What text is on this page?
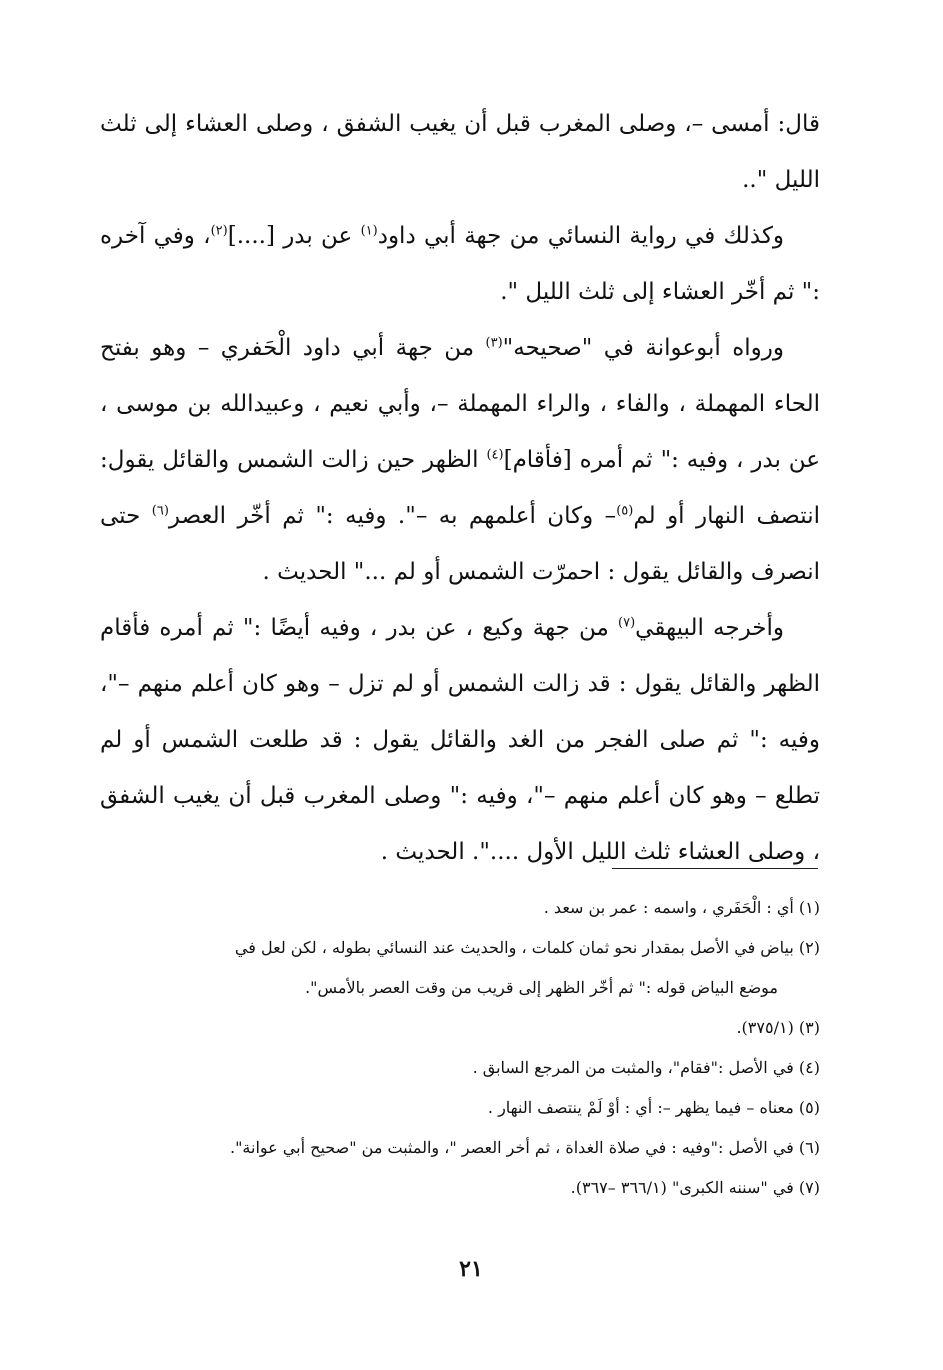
قال: أمسى –، وصلى المغرب قبل أن يغيب الشفق ، وصلى العشاء إلى ثلث الليل "..

وكذلك في رواية النسائي من جهة أبي داود$^{(١)}$ عن بدر [....]$^{(٢)}$، وفي آخره :" ثم أخّر العشاء إلى ثلث الليل ".

ورواه أبوعوانة في "صحيحه"$^{(٣)}$ من جهة أبي داود الْحَفري – وهو بفتح الحاء المهملة ، والفاء ، والراء المهملة –، وأبي نعيم ، وعبيدالله بن موسى ، عن بدر ، وفيه :" ثم أمره [فأقام]$^{(٤)}$ الظهر حين زالت الشمس والقائل يقول: انتصف النهار أو لم$^{(٥)}$– وكان أعلمهم به –". وفيه :" ثم أخّر العصر$^{(٦)}$ حتى انصرف والقائل يقول : احمرّت الشمس أو لم ..." الحديث .

وأخرجه البيهقي$^{(٧)}$ من جهة وكيع ، عن بدر ، وفيه أيضًا :" ثم أمره فأقام الظهر والقائل يقول : قد زالت الشمس أو لم تزل – وهو كان أعلم منهم –"، وفيه :" ثم صلى الفجر من الغد والقائل يقول : قد طلعت الشمس أو لم تطلع – وهو كان أعلم منهم –"، وفيه :" وصلى المغرب قبل أن يغيب الشفق ، وصلى العشاء ثلث الليل الأول ....". الحديث .

(١) أي : الْحَفَري ، واسمه : عمر بن سعد .

(٢) بياض في الأصل بمقدار نحو ثمان كلمات ، والحديث عند النسائي بطوله ، لكن لعل في
موضع البياض قوله :" ثم أخّر الظهر إلى قريب من وقت العصر بالأمس".

(٣) (٣٧٥/١).

(٤) في الأصل :"فقام"، والمثبت من المرجع السابق .

(٥) معناه – فيما يظهر –: أي : أوْ لَمْ ينتصف النهار .

(٦) في الأصل :"وفيه : في صلاة الغداة ، ثم أخر العصر "، والمثبت من "صحيح أبي عوانة".

(٧) في "سننه الكبرى" (٣٦٦/١ –٣٦٧).

٢١
